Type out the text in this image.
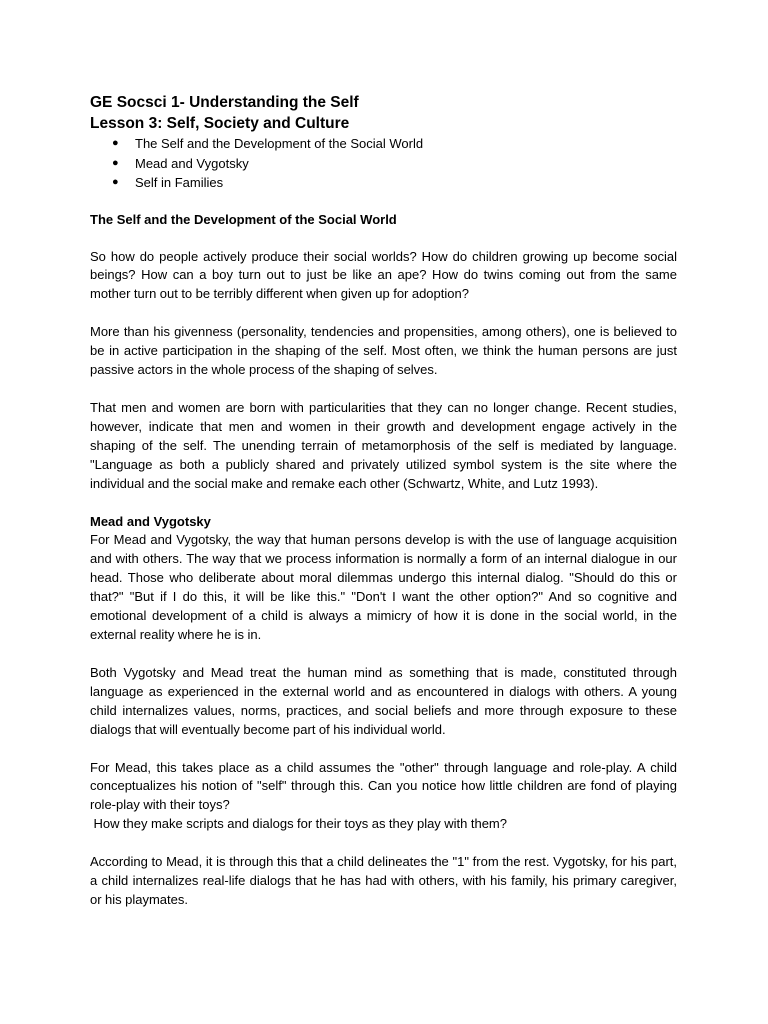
GE Socsci 1- Understanding the Self
Lesson 3: Self, Society and Culture
● The Self and the Development of the Social World
● Mead and Vygotsky
● Self in Families
The Self and the Development of the Social World

So how do people actively produce their social worlds? How do children growing up become social beings? How can a boy turn out to just be like an ape? How do twins coming out from the same mother turn out to be terribly different when given up for adoption?

More than his givenness (personality, tendencies and propensities, among others), one is believed to be in active participation in the shaping of the self. Most often, we think the human persons are just passive actors in the whole process of the shaping of selves.

That men and women are born with particularities that they can no longer change. Recent studies, however, indicate that men and women in their growth and development engage actively in the shaping of the self. The unending terrain of metamorphosis of the self is mediated by language. "Language as both a publicly shared and privately utilized symbol system is the site where the individual and the social make and remake each other (Schwartz, White, and Lutz 1993).

Mead and Vygotsky

For Mead and Vygotsky, the way that human persons develop is with the use of language acquisition and with others. The way that we process information is normally a form of an internal dialogue in our head. Those who deliberate about moral dilemmas undergo this internal dialog. "Should do this or that?" "But if I do this, it will be like this." "Don't I want the other option?" And so cognitive and emotional development of a child is always a mimicry of how it is done in the social world, in the external reality where he is in.

Both Vygotsky and Mead treat the human mind as something that is made, constituted through language as experienced in the external world and as encountered in dialogs with others. A young child internalizes values, norms, practices, and social beliefs and more through exposure to these dialogs that will eventually become part of his individual world.

For Mead, this takes place as a child assumes the "other" through language and role-play. A child conceptualizes his notion of "self" through this. Can you notice how little children are fond of playing role-play with their toys?

How they make scripts and dialogs for their toys as they play with them?

According to Mead, it is through this that a child delineates the "1" from the rest. Vygotsky, for his part, a child internalizes real-life dialogs that he has had with others, with his family, his primary caregiver, or his playmates.
